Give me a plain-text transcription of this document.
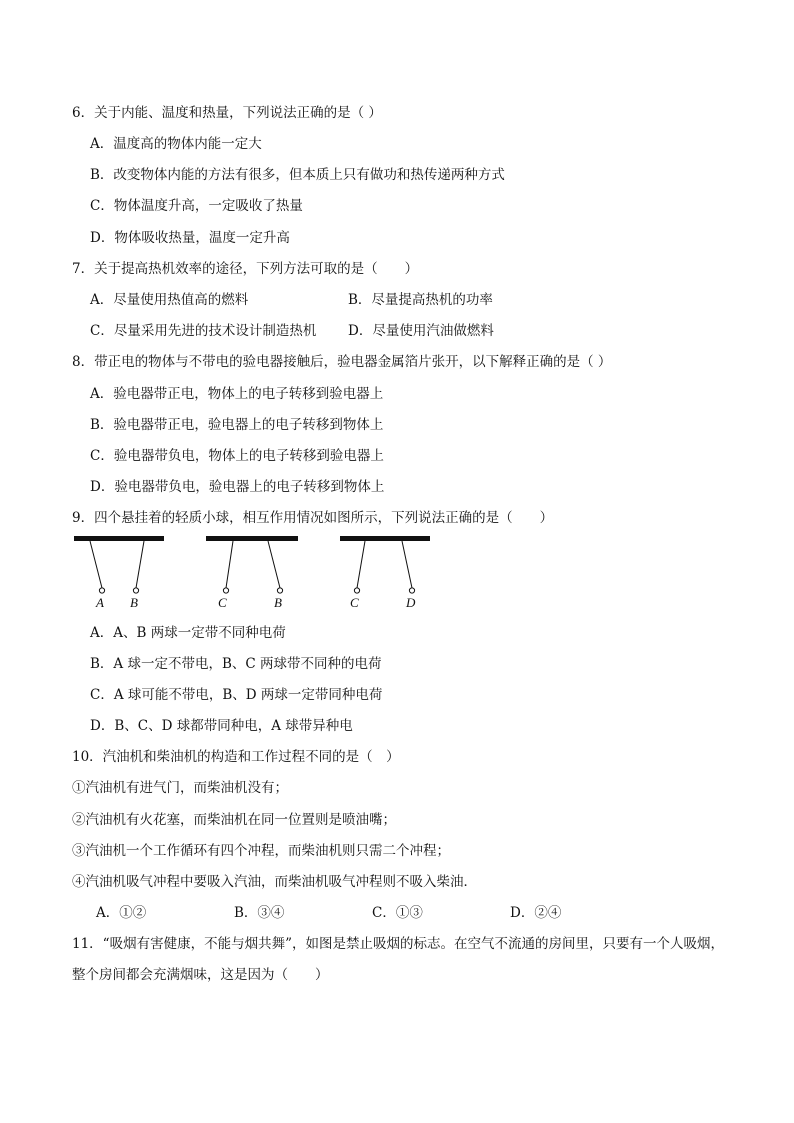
6．关于内能、温度和热量，下列说法正确的是（ ）
A．温度高的物体内能一定大
B．改变物体内能的方法有很多，但本质上只有做功和热传递两种方式
C．物体温度升高，一定吸收了热量
D．物体吸收热量，温度一定升高
7．关于提高热机效率的途径，下列方法可取的是（　　）
A．尽量使用热值高的燃料	B．尽量提高热机的功率
C．尽量采用先进的技术设计制造热机 D．尽量使用汽油做燃料
8．带正电的物体与不带电的验电器接触后，验电器金属箔片张开，以下解释正确的是（ ）
A．验电器带正电，物体上的电子转移到验电器上
B．验电器带正电，验电器上的电子转移到物体上
C．验电器带负电，物体上的电子转移到验电器上
D．验电器带负电，验电器上的电子转移到物体上
9．四个悬挂着的轻质小球，相互作用情况如图所示，下列说法正确的是（　　）
A B	C	B	C	D
A．A、B 两球一定带不同种电荷
B．A 球一定不带电，B、C 两球带不同种的电荷
C．A 球可能不带电，B、D 两球一定带同种电荷
D．B、C、D 球都带同种电，A 球带异种电
10．汽油机和柴油机的构造和工作过程不同的是（　）
①汽油机有进气门，而柴油机没有；
②汽油机有火花塞，而柴油机在同一位置则是喷油嘴；
③汽油机一个工作循环有四个冲程，而柴油机则只需二个冲程；
④汽油机吸气冲程中要吸入汽油，而柴油机吸气冲程则不吸入柴油．
A．①②	B．③④	C．①③	D．②④
11．“吸烟有害健康，不能与烟共舞”，如图是禁止吸烟的标志。在空气不流通的房间里，只要有一个人吸烟，
整个房间都会充满烟味，这是因为（　　）
